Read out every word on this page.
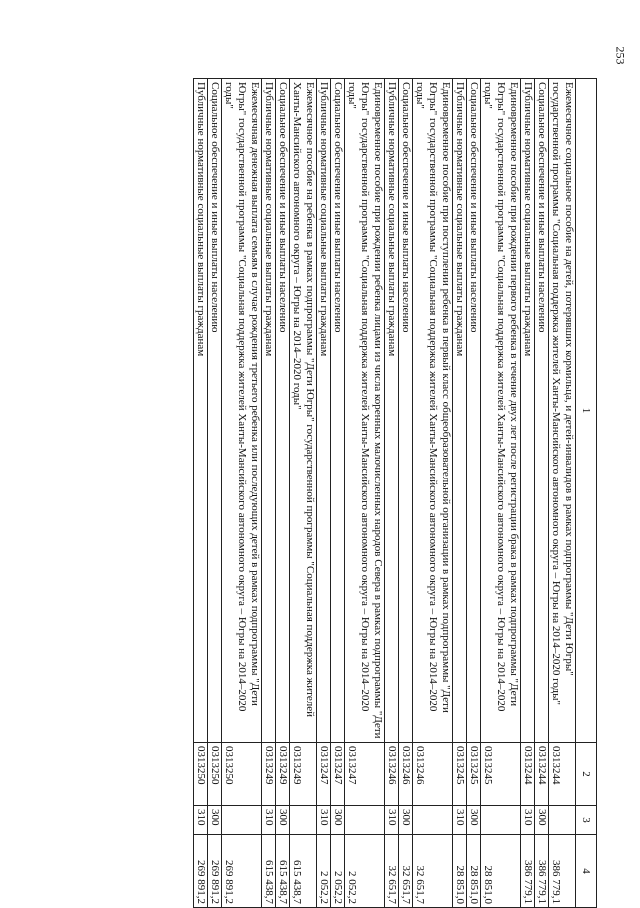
253
1	2	3	4
Ежемесячное социальное пособие на детей, потерявших кормильца, и детей-инвалидов в рамках подпрограммы "Дети Югры" государственной программы "Социальная поддержка жителей Ханты-Мансийского автономного округа – Югры на 2014–2020 годы"	0313244		386 779,1
Социальное обеспечение и иные выплаты населению	0313244	300	386 779,1
Публичные нормативные социальные выплаты гражданам	0313244	310	386 779,1
Единовременное пособие при рождении первого ребенка в течение двух лет после регистрации брака в рамках подпрограммы "Дети Югры" государственной программы "Социальная поддержка жителей Ханты-Мансийского автономного округа – Югры на 2014–2020 годы"	0313245		28 851,0
Социальное обеспечение и иные выплаты населению	0313245	300	28 851,0
Публичные нормативные социальные выплаты гражданам	0313245	310	28 851,0
Единовременное пособие при поступлении ребенка в первый класс общеобразовательной организации в рамках подпрограммы "Дети Югры" государственной программы "Социальная поддержка жителей Ханты-Мансийского автономного округа – Югры на 2014–2020 годы"	0313246		32 651,7
Социальное обеспечение и иные выплаты населению	0313246	300	32 651,7
Публичные нормативные социальные выплаты гражданам	0313246	310	32 651,7
Единовременное пособие при рождении ребенка лицами из числа коренных малочисленных народов Севера в рамках подпрограммы "Дети Югры" государственной программы "Социальная поддержка жителей Ханты-Мансийского автономного округа – Югры на 2014–2020 годы"	0313247		2 052,2
Социальное обеспечение и иные выплаты населению	0313247	300	2 052,2
Публичные нормативные социальные выплаты гражданам	0313247	310	2 052,2
Ежемесячное пособие на ребенка в рамках подпрограммы "Дети Югры" государственной программы "Социальная поддержка жителей Ханты-Мансийского автономного округа – Югры на 2014–2020 годы"	0313249		615 438,7
Социальное обеспечение и иные выплаты населению	0313249	300	615 438,7
Публичные нормативные социальные выплаты гражданам	0313249	310	615 438,7
Ежемесячная денежная выплата семьям в случае рождения третьего ребенка или последующих детей в рамках подпрограммы "Дети Югры" государственной программы "Социальная поддержка жителей Ханты-Мансийского автономного округа – Югры на 2014–2020 годы"	0313250		269 891,2
Социальное обеспечение и иные выплаты населению	0313250	300	269 891,2
Публичные нормативные социальные выплаты гражданам	0313250	310	269 891,2
